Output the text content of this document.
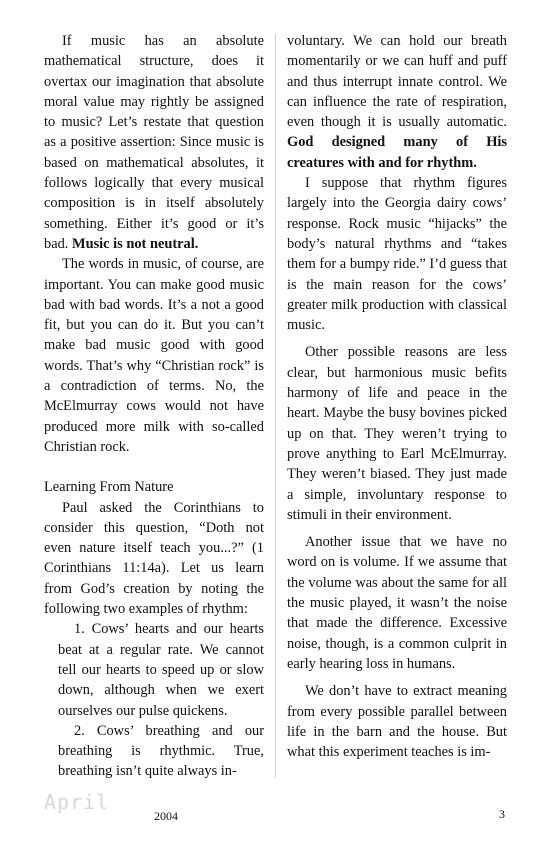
If music has an absolute mathematical structure, does it overtax our imagination that absolute moral value may rightly be assigned to music? Let’s restate that question as a positive assertion: Since music is based on mathematical absolutes, it follows logically that every musical composition is in itself absolutely something. Either it’s good or it’s bad. Music is not neutral.

The words in music, of course, are important. You can make good music bad with bad words. It’s a not a good fit, but you can do it. But you can’t make bad music good with good words. That’s why “Christian rock” is a contradiction of terms. No, the McElmurray cows would not have produced more milk with so-called Christian rock.

Learning From Nature

Paul asked the Corinthians to consider this question, “Doth not even nature itself teach you...?” (1 Corinthians 11:14a). Let us learn from God’s creation by noting the following two examples of rhythm:

1. Cows’ hearts and our hearts beat at a regular rate. We cannot tell our hearts to speed up or slow down, although when we exert ourselves our pulse quickens.

2. Cows’ breathing and our breathing is rhythmic. True, breathing isn’t quite always in-

voluntary. We can hold our breath momentarily or we can huff and puff and thus interrupt innate control. We can influence the rate of respiration, even though it is usually automatic. God designed many of His creatures with and for rhythm.

I suppose that rhythm figures largely into the Georgia dairy cows’ response. Rock music “hijacks” the body’s natural rhythms and “takes them for a bumpy ride.” I’d guess that is the main reason for the cows’ greater milk production with classical music.

Other possible reasons are less clear, but harmonious music befits harmony of life and peace in the heart. Maybe the busy bovines picked up on that. They weren’t trying to prove anything to Earl McElmurray. They weren’t biased. They just made a simple, involuntary response to stimuli in their environment.

Another issue that we have no word on is volume. If we assume that the volume was about the same for all the music played, it wasn’t the noise that made the difference. Excessive noise, though, is a common culprit in early hearing loss in humans.

We don’t have to extract meaning from every possible parallel between life in the barn and the house. But what this experiment teaches is im-

April
2004	3
